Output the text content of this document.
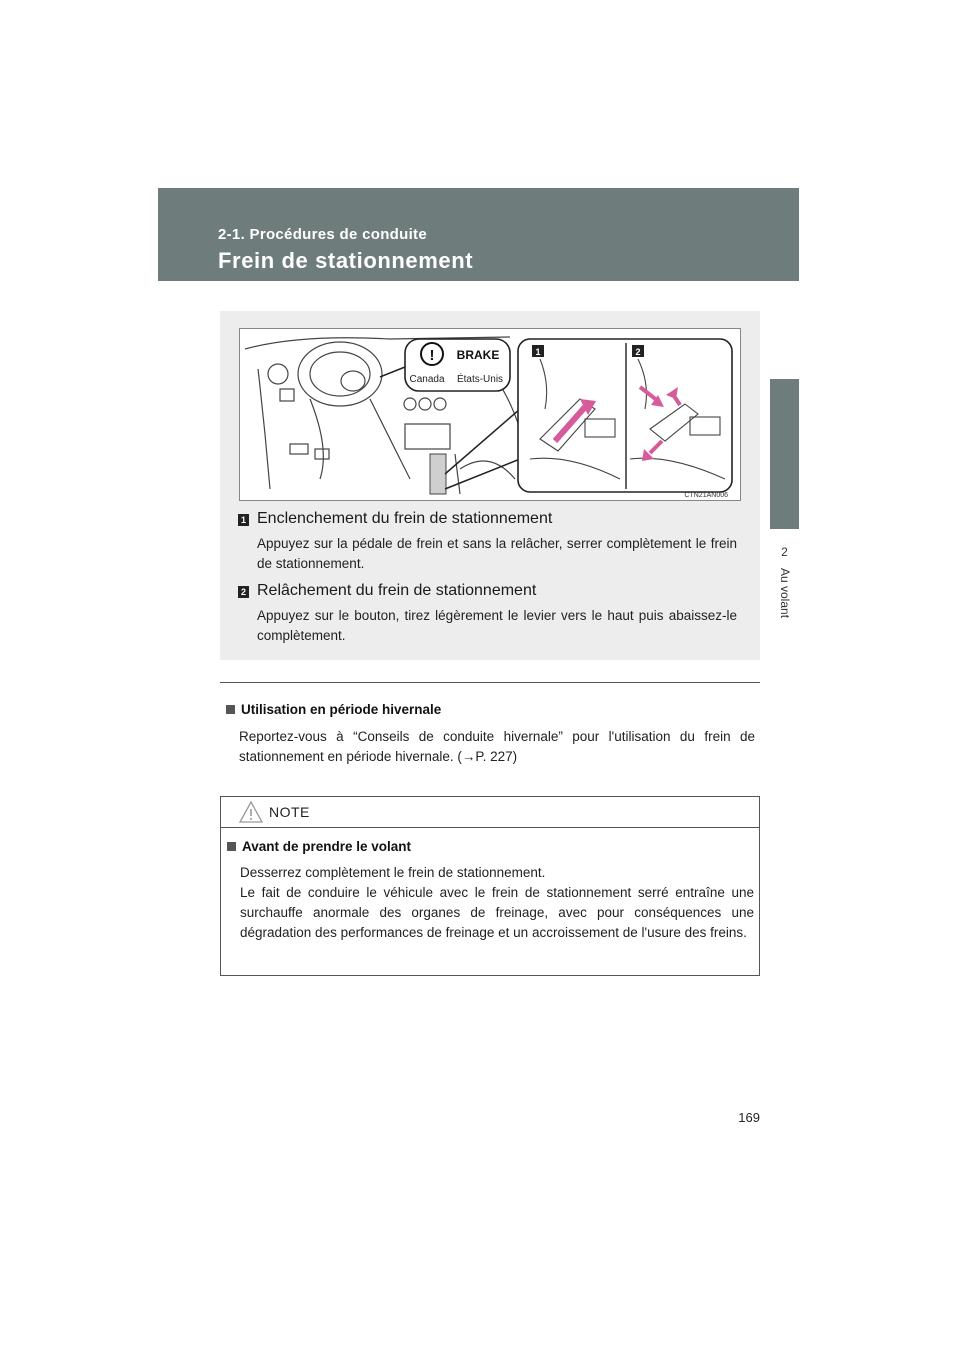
2-1. Procédures de conduite
Frein de stationnement
2
Au volant
! BRAKE
Canada États-Unis
1	2
CTN21AN006
1 Enclenchement du frein de stationnement
Appuyez sur la pédale de frein et sans la relâcher, serrer complètement le frein de stationnement.
2 Relâchement du frein de stationnement
Appuyez sur le bouton, tirez légèrement le levier vers le haut puis abaissez-le complètement.
Utilisation en période hivernale
Reportez-vous à “Conseils de conduite hivernale” pour l'utilisation du frein de stationnement en période hivernale. (→P. 227)
NOTE
Avant de prendre le volant
Desserrez complètement le frein de stationnement.
Le fait de conduire le véhicule avec le frein de stationnement serré entraîne une surchauffe anormale des organes de freinage, avec pour conséquences une dégradation des performances de freinage et un accroissement de l'usure des freins.
169
